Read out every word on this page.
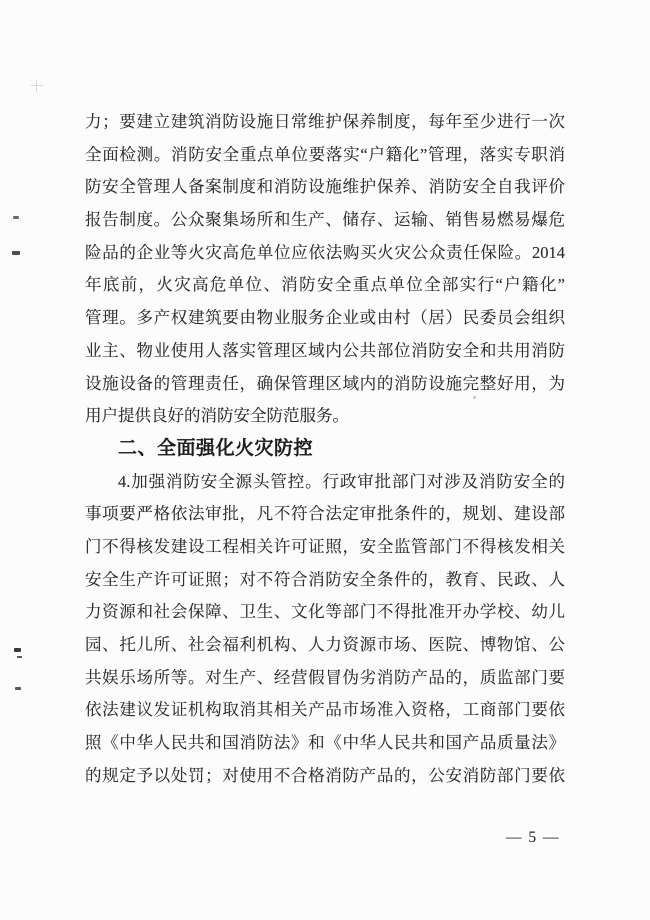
力；要建立建筑消防设施日常维护保养制度，每年至少进行一次
全面检测。消防安全重点单位要落实“户籍化”管理，落实专职消
防安全管理人备案制度和消防设施维护保养、消防安全自我评价
报告制度。公众聚集场所和生产、储存、运输、销售易燃易爆危
险品的企业等火灾高危单位应依法购买火灾公众责任保险。2014
年底前，火灾高危单位、消防安全重点单位全部实行“户籍化”
管理。多产权建筑要由物业服务企业或由村（居）民委员会组织
业主、物业使用人落实管理区域内公共部位消防安全和共用消防
设施设备的管理责任，确保管理区域内的消防设施完整好用，为
用户提供良好的消防安全防范服务。
二、全面强化火灾防控
4.加强消防安全源头管控。行政审批部门对涉及消防安全的
事项要严格依法审批，凡不符合法定审批条件的，规划、建设部
门不得核发建设工程相关许可证照，安全监管部门不得核发相关
安全生产许可证照；对不符合消防安全条件的，教育、民政、人
力资源和社会保障、卫生、文化等部门不得批准开办学校、幼儿
园、托儿所、社会福利机构、人力资源市场、医院、博物馆、公
共娱乐场所等。对生产、经营假冒伪劣消防产品的，质监部门要
依法建议发证机构取消其相关产品市场准入资格，工商部门要依
照《中华人民共和国消防法》和《中华人民共和国产品质量法》
的规定予以处罚；对使用不合格消防产品的，公安消防部门要依
— 5 —
